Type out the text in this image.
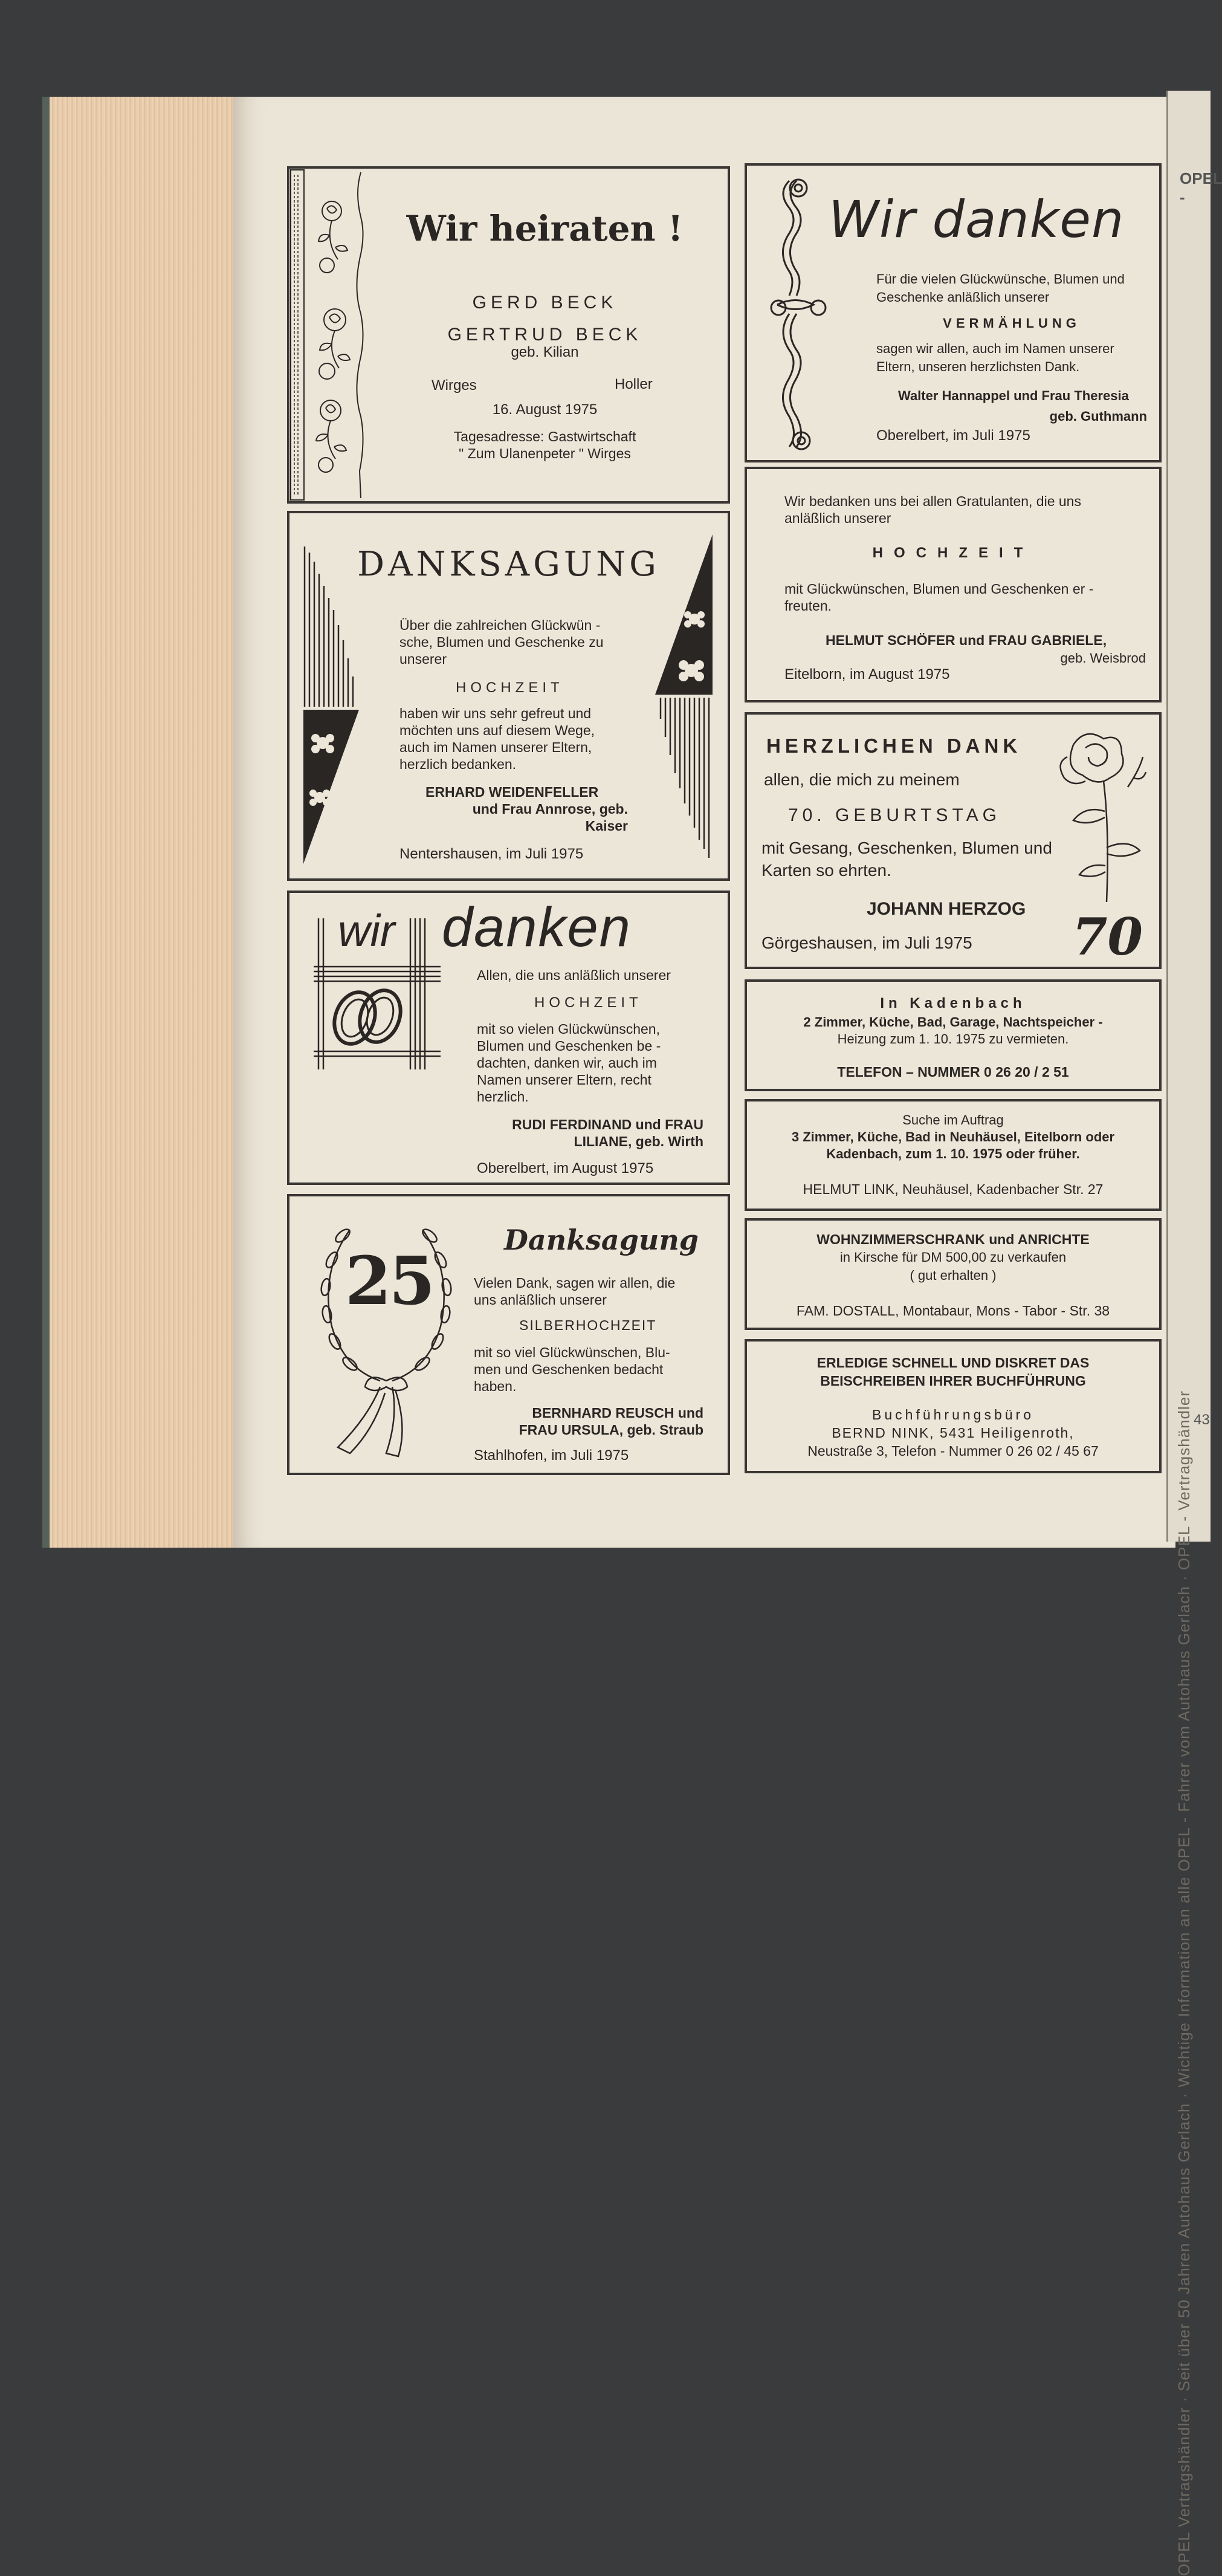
OPEL Vertragshändler · Seit über 50 Jahren Autohaus Gerlach · Wichtige Information an alle OPEL - Fahrer vom Autohaus Gerlach · OPEL - Vertragshändler
OPEL -
43
Wir heiraten !
GERD BECK
GERTRUD BECK
geb. Kilian
Wirges	Holler
16. August 1975
Tagesadresse: Gastwirtschaft
" Zum Ulanenpeter " Wirges
Wir danken
Für die vielen Glückwünsche, Blumen und
Geschenke anläßlich unserer
VERMÄHLUNG
sagen wir allen, auch im Namen unserer
Eltern, unseren herzlichsten Dank.
Walter Hannappel und Frau Theresia
geb. Guthmann
Oberelbert, im Juli 1975
DANKSAGUNG
Über die zahlreichen Glückwün -
sche, Blumen und Geschenke zu
unserer
HOCHZEIT
haben wir uns sehr gefreut und
möchten uns auf diesem Wege,
auch im Namen unserer Eltern,
herzlich bedanken.
ERHARD WEIDENFELLER
und Frau Annrose, geb.
Kaiser
Nentershausen, im Juli 1975
Wir bedanken uns bei allen Gratulanten, die uns
anläßlich unserer
HOCHZEIT
mit Glückwünschen, Blumen und Geschenken er -
freuten.
HELMUT SCHÖFER und FRAU GABRIELE,
geb. Weisbrod
Eitelborn, im August 1975
HERZLICHEN DANK
allen, die mich zu meinem
70. GEBURTSTAG
mit Gesang, Geschenken, Blumen und
Karten so ehrten.
JOHANN HERZOG
Görgeshausen, im Juli 1975 70
wir danken
Allen, die uns anläßlich unserer
HOCHZEIT
mit so vielen Glückwünschen,
Blumen und Geschenken be -
dachten, danken wir, auch im
Namen unserer Eltern, recht
herzlich.
RUDI FERDINAND und FRAU
LILIANE, geb. Wirth
Oberelbert, im August 1975
In Kadenbach
2 Zimmer, Küche, Bad, Garage, Nachtspeicher -
Heizung zum 1. 10. 1975 zu vermieten.
TELEFON – NUMMER 0 26 20 / 2 51
Suche im Auftrag
3 Zimmer, Küche, Bad in Neuhäusel, Eitelborn oder
Kadenbach, zum 1. 10. 1975 oder früher.
HELMUT LINK, Neuhäusel, Kadenbacher Str. 27
25
Danksagung
Vielen Dank, sagen wir allen, die
uns anläßlich unserer
SILBERHOCHZEIT
mit so viel Glückwünschen, Blu-
men und Geschenken bedacht
haben.
BERNHARD REUSCH und
FRAU URSULA, geb. Straub
Stahlhofen, im Juli 1975
WOHNZIMMERSCHRANK und ANRICHTE
in Kirsche für DM 500,00 zu verkaufen
( gut erhalten )
FAM. DOSTALL, Montabaur, Mons - Tabor - Str. 38
ERLEDIGE SCHNELL UND DISKRET DAS
BEISCHREIBEN IHRER BUCHFÜHRUNG
Buchführungsbüro
BERND NINK, 5431 Heiligenroth,
Neustraße 3, Telefon - Nummer 0 26 02 / 45 67
